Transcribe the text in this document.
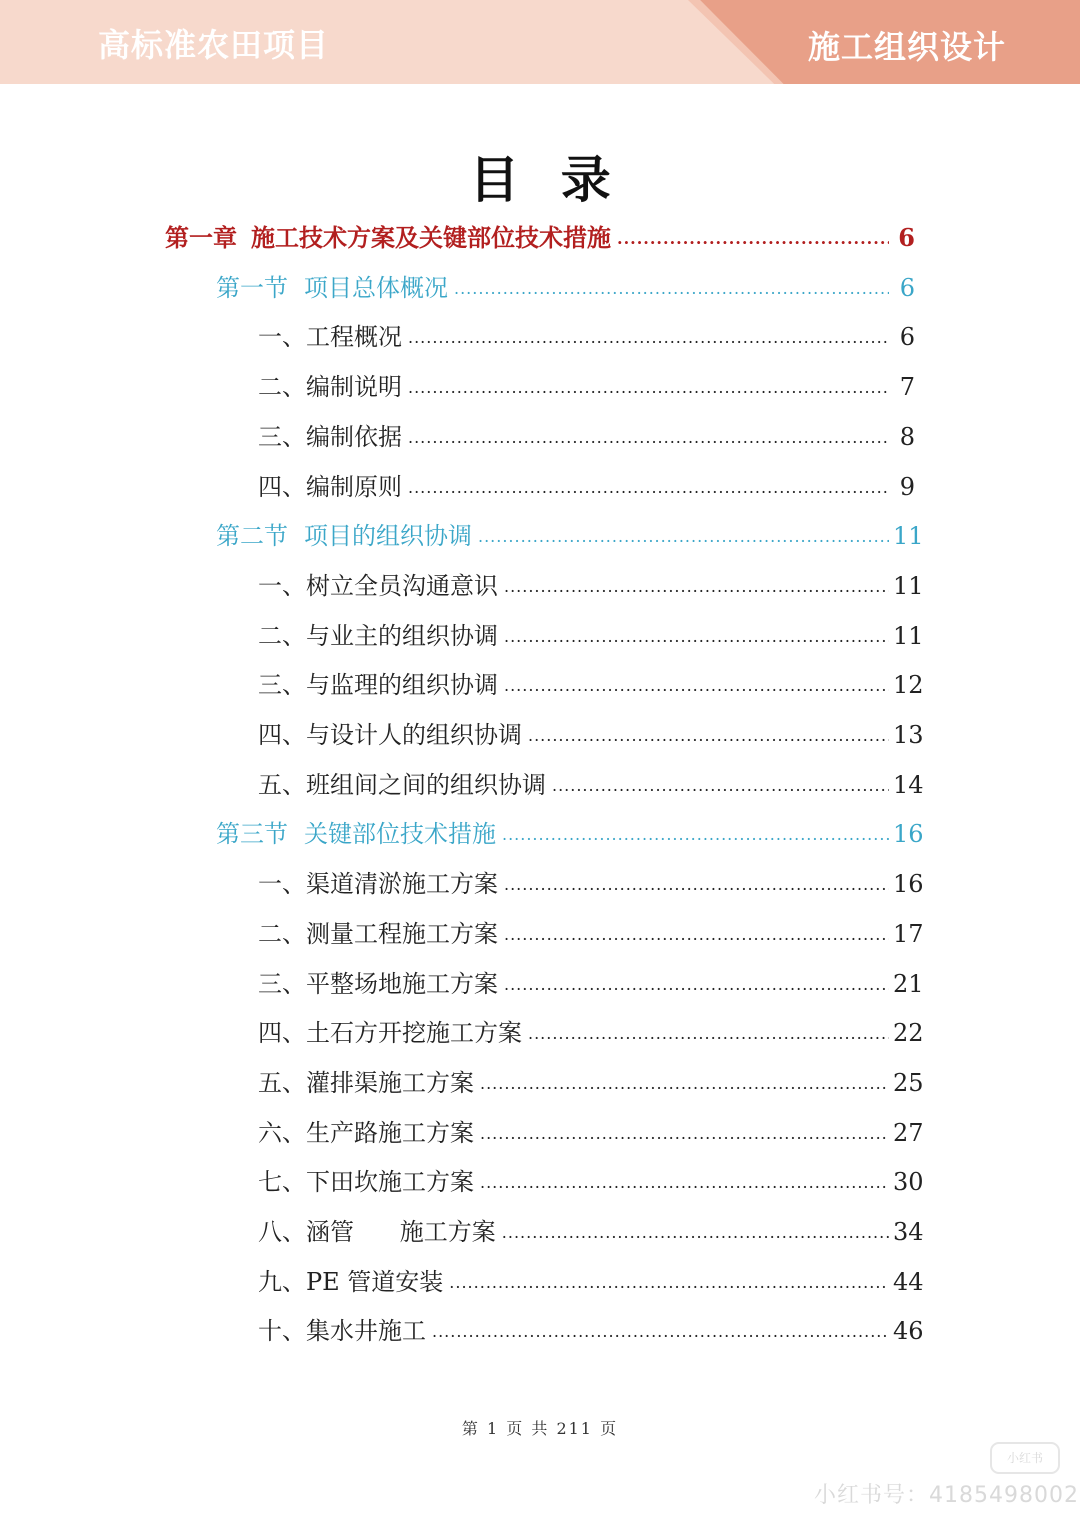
高标准农田项目	施工组织设计
目 录
第一章 施工技术方案及关键部位技术措施 .....	6
第一节 项目总体概况 .....	6
一、 工程概况 .....	6
二、 编制说明 .....	7
三、 编制依据 .....	8
四、 编制原则 .....	9
第二节 项目的组织协调 .....	11
一、 树立全员沟通意识 .....	11
二、 与业主的组织协调 .....	11
三、 与监理的组织协调 .....	12
四、 与设计人的组织协调 .....	13
五、 班组间之间的组织协调 .....	14
第三节 关键部位技术措施 .....	16
一、 渠道清淤施工方案 .....	16
二、 测量工程施工方案 .....	17
三、 平整场地施工方案 .....	21
四、 土石方开挖施工方案 .....	22
五、 灌排渠施工方案 .....	25
六、 生产路施工方案 .....	27
七、 下田坎施工方案 .....	30
八、 涵管      施工方案 .....	34
九、 PE 管道安装 .....	44
十、 集水井施工 .....	46
第 1 页 共 211 页
小红书
小红书号：4185498002
